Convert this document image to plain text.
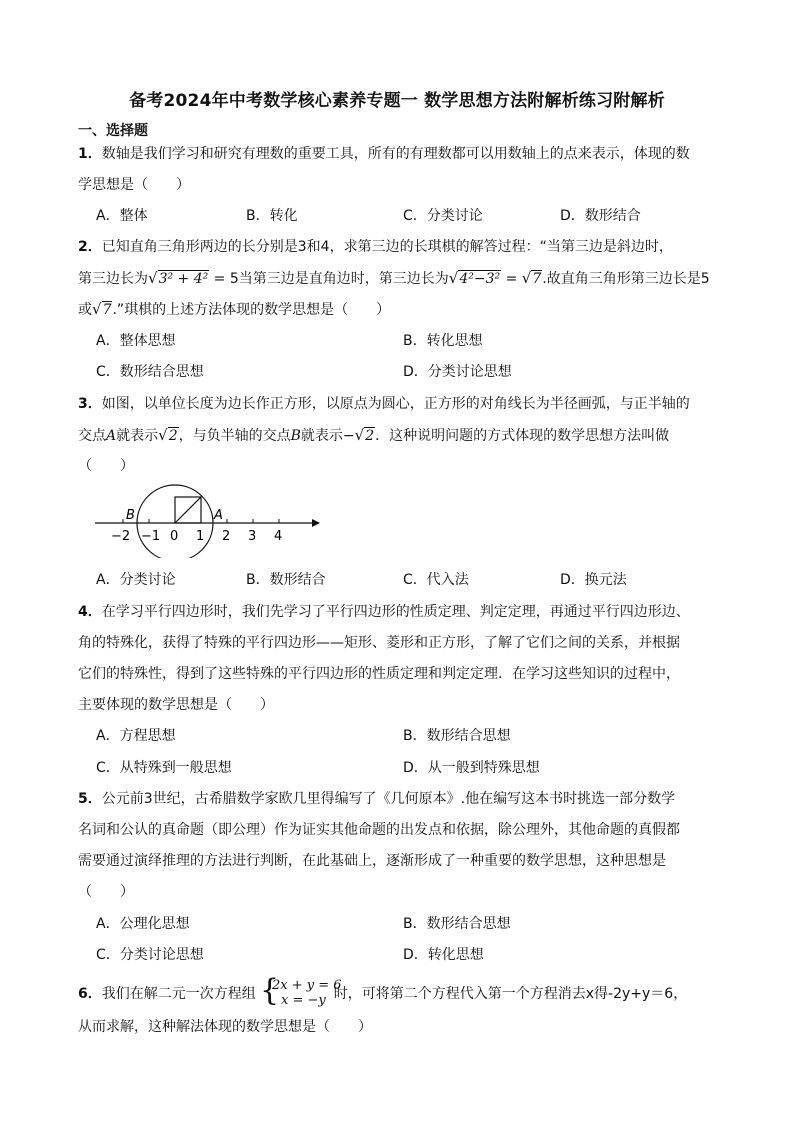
备考2024年中考数学核心素养专题一 数学思想方法附解析练习附解析
一、选择题
1．数轴是我们学习和研究有理数的重要工具，所有的有理数都可以用数轴上的点来表示，体现的数
学思想是（　　）
A．整体	B．转化	C．分类讨论	D．数形结合
2．已知直角三角形两边的长分别是3和4，求第三边的长琪棋的解答过程：“当第三边是斜边时，
第三边长为√3² + 4² = 5当第三边是直角边时，第三边长为√4²−3² = √7.故直角三角形第三边长是5
或√7.”琪棋的上述方法体现的数学思想是（　　）
A．整体思想	B．转化思想
C．数形结合思想	D．分类讨论思想
3．如图，以单位长度为边长作正方形，以原点为圆心，正方形的对角线长为半径画弧，与正半轴的
交点A就表示√2，与负半轴的交点B就表示−√2．这种说明问题的方式体现的数学思想方法叫做
（　　）
−2 −1 0 1 2 3 4
B	A
A．分类讨论	B．数形结合	C．代入法	D．换元法
4．在学习平行四边形时，我们先学习了平行四边形的性质定理、判定定理，再通过平行四边形边、
角的特殊化，获得了特殊的平行四边形——矩形、菱形和正方形，了解了它们之间的关系，并根据
它们的特殊性，得到了这些特殊的平行四边形的性质定理和判定定理．在学习这些知识的过程中，
主要体现的数学思想是（　　）
A．方程思想	B．数形结合思想
C．从特殊到一般思想	D．从一般到特殊思想
5．公元前3世纪，古希腊数学家欧几里得编写了《几何原本》.他在编写这本书时挑选一部分数学
名词和公认的真命题（即公理）作为证实其他命题的出发点和依据，除公理外，其他命题的真假都
需要通过演绎推理的方法进行判断，在此基础上，逐渐形成了一种重要的数学思想，这种思想是
（　　）
A．公理化思想	B．数形结合思想
C．分类讨论思想	D．转化思想
6．我们在解二元一次方程组	时，可将第二个方程代入第一个方程消去x得-2y+y＝6，
{
2x + y = 6
x = −y
从而求解，这种解法体现的数学思想是（　　）
